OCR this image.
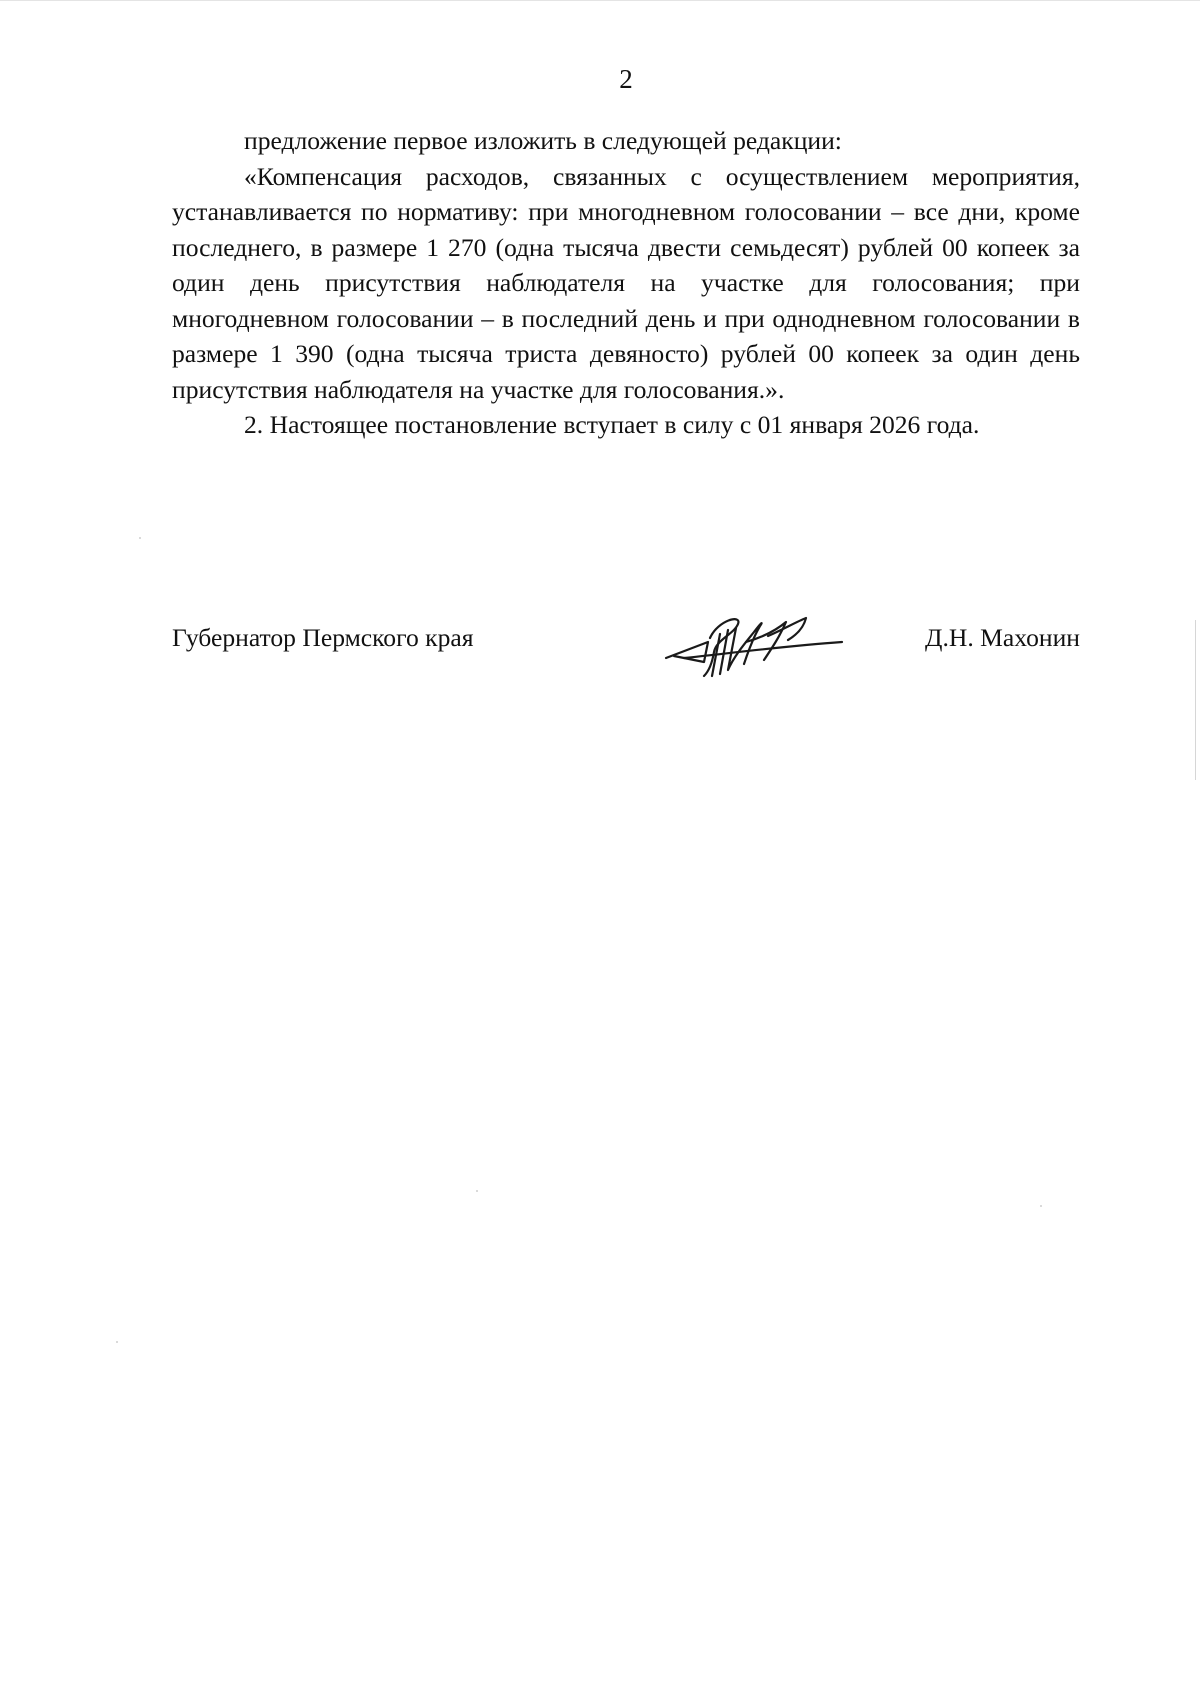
2

предложение первое изложить в следующей редакции:

«Компенсация расходов, связанных с осуществлением мероприятия, устанавливается по нормативу: при многодневном голосовании – все дни, кроме последнего, в размере 1 270 (одна тысяча двести семьдесят) рублей 00 копеек за один день присутствия наблюдателя на участке для голосования; при многодневном голосовании – в последний день и при однодневном голосовании в размере 1 390 (одна тысяча триста девяносто) рублей 00 копеек за один день присутствия наблюдателя на участке для голосования.».

2. Настоящее постановление вступает в силу с 01 января 2026 года.

Губернатор Пермского края	Д.Н. Махонин
